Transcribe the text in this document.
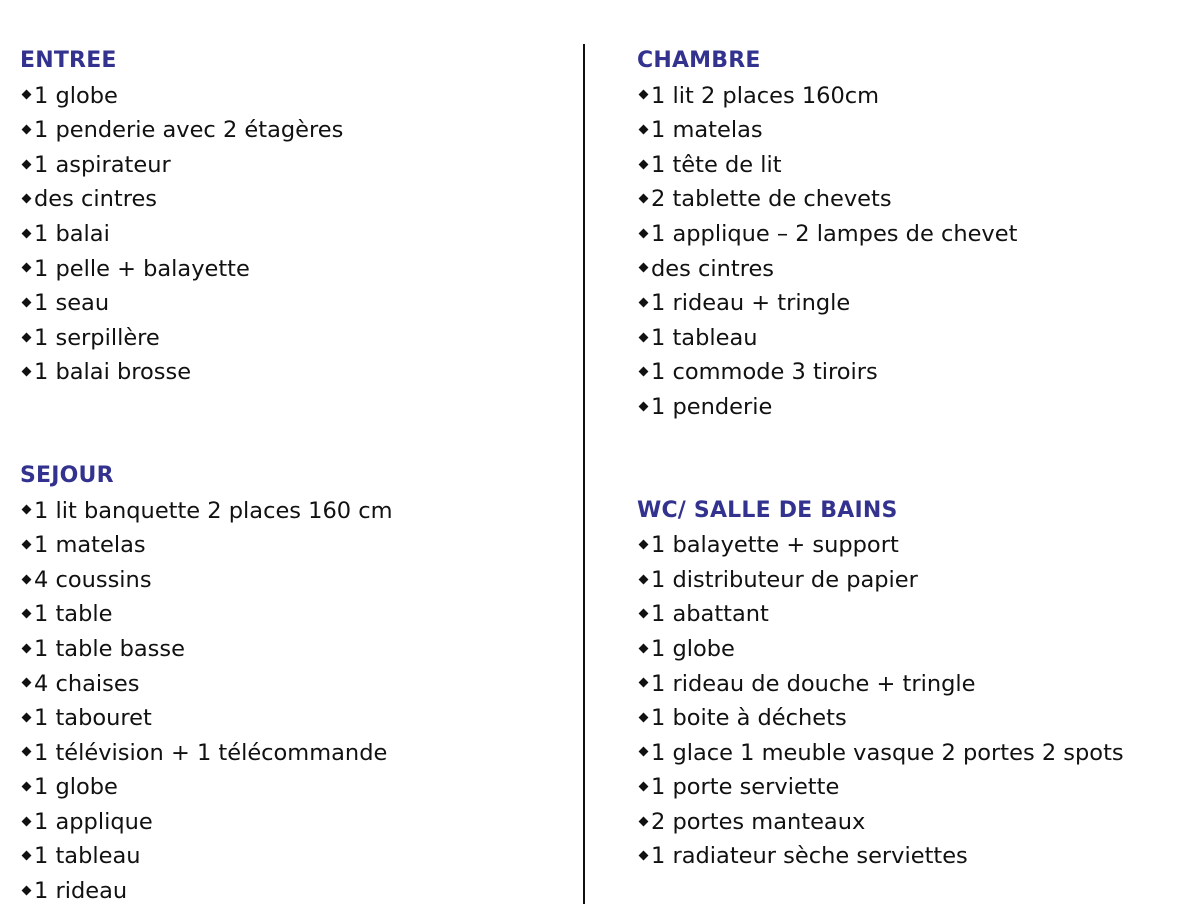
ENTREE
1 globe
1 penderie avec 2 étagères
1 aspirateur
des cintres
1 balai
1 pelle + balayette
1 seau
1 serpillère
1 balai brosse
SEJOUR
1 lit banquette 2 places 160 cm
1 matelas
4 coussins
1 table
1 table basse
4 chaises
1 tabouret
1 télévision + 1 télécommande
1 globe
1 applique
1 tableau
1 rideau
CHAMBRE
1 lit 2 places 160cm
1 matelas
1 tête de lit
2 tablette de chevets
1 applique – 2 lampes de chevet
des cintres
1 rideau + tringle
1 tableau
1 commode 3 tiroirs
1 penderie
WC/ SALLE DE BAINS
1 balayette + support
1 distributeur de papier
1 abattant
1 globe
1 rideau de douche + tringle
1 boite à déchets
1 glace 1 meuble vasque 2 portes 2 spots
1 porte serviette
2 portes manteaux
1 radiateur sèche serviettes
